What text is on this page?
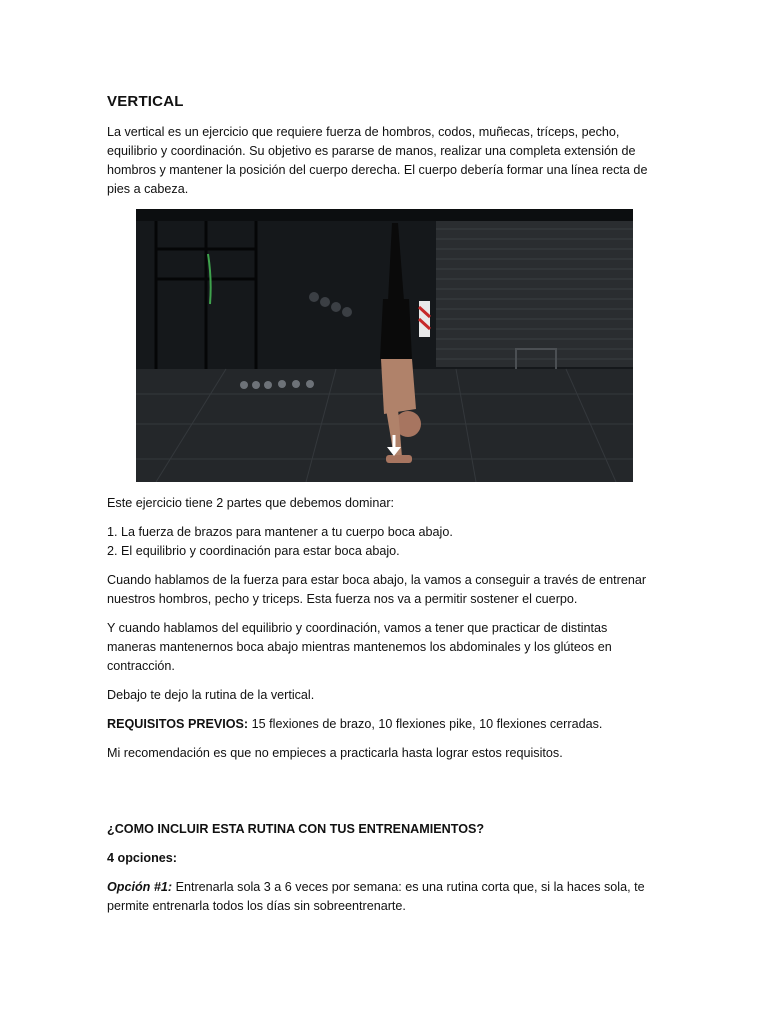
VERTICAL

La vertical es un ejercicio que requiere fuerza de hombros, codos, muñecas, tríceps, pecho, equilibrio y coordinación. Su objetivo es pararse de manos, realizar una completa extensión de hombros y mantener la posición del cuerpo derecha. El cuerpo debería formar una línea recta de pies a cabeza.

Este ejercicio tiene 2 partes que debemos dominar:

1. La fuerza de brazos para mantener a tu cuerpo boca abajo.

2. El equilibrio y coordinación para estar boca abajo.

Cuando hablamos de la fuerza para estar boca abajo, la vamos a conseguir a través de entrenar nuestros hombros, pecho y triceps. Esta fuerza nos va a permitir sostener el cuerpo.

Y cuando hablamos del equilibrio y coordinación, vamos a tener que practicar de distintas maneras mantenernos boca abajo mientras mantenemos los abdominales y los glúteos en contracción.

Debajo te dejo la rutina de la vertical.

REQUISITOS PREVIOS: 15 flexiones de brazo, 10 flexiones pike, 10 flexiones cerradas.

Mi recomendación es que no empieces a practicarla hasta lograr estos requisitos.

¿COMO INCLUIR ESTA RUTINA CON TUS ENTRENAMIENTOS?

4 opciones:

Opción #1: Entrenarla sola 3 a 6 veces por semana: es una rutina corta que, si la haces sola, te permite entrenarla todos los días sin sobreentrenarte.
